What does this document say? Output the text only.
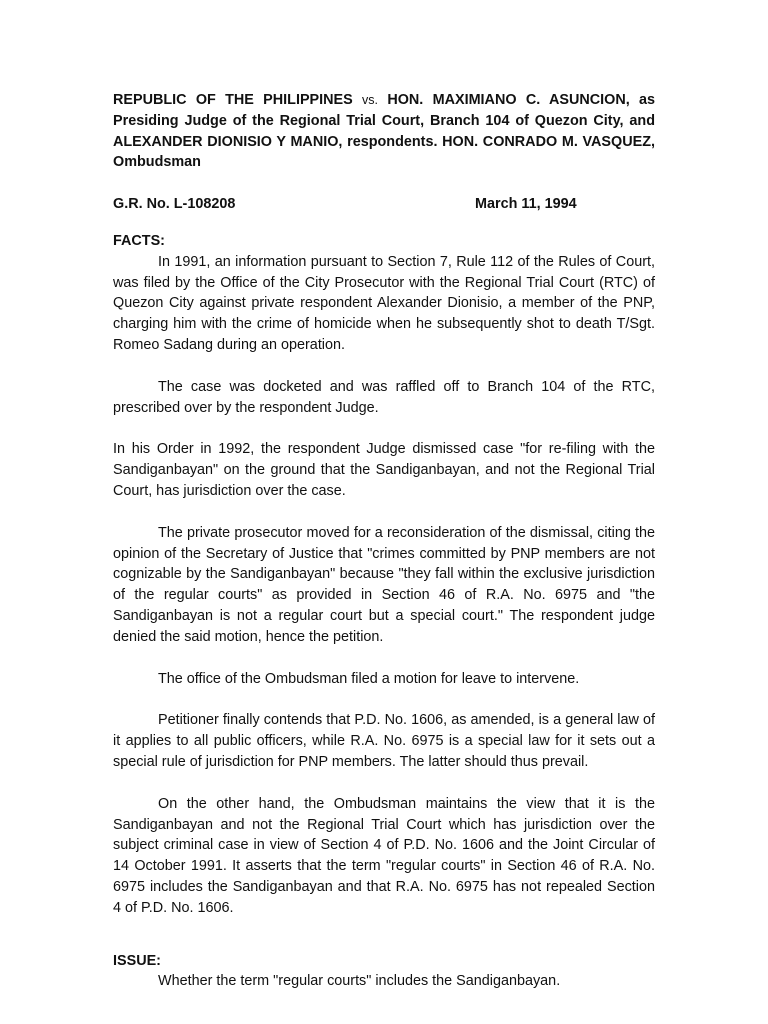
REPUBLIC OF THE PHILIPPINES vs. HON. MAXIMIANO C. ASUNCION, as Presiding Judge of the Regional Trial Court, Branch 104 of Quezon City, and ALEXANDER DIONISIO Y MANIO, respondents. HON. CONRADO M. VASQUEZ, Ombudsman

G.R. No. L-108208	March 11, 1994

FACTS:

In 1991, an information pursuant to Section 7, Rule 112 of the Rules of Court, was filed by the Office of the City Prosecutor with the Regional Trial Court (RTC) of Quezon City against private respondent Alexander Dionisio, a member of the PNP, charging him with the crime of homicide when he subsequently shot to death T/Sgt. Romeo Sadang during an operation.

The case was docketed and was raffled off to Branch 104 of the RTC, prescribed over by the respondent Judge.

In his Order in 1992, the respondent Judge dismissed case "for re-filing with the Sandiganbayan" on the ground that the Sandiganbayan, and not the Regional Trial Court, has jurisdiction over the case.

The private prosecutor moved for a reconsideration of the dismissal, citing the opinion of the Secretary of Justice that "crimes committed by PNP members are not cognizable by the Sandiganbayan" because "they fall within the exclusive jurisdiction of the regular courts" as provided in Section 46 of R.A. No. 6975 and "the Sandiganbayan is not a regular court but a special court." The respondent judge denied the said motion, hence the petition.

The office of the Ombudsman filed a motion for leave to intervene.

Petitioner finally contends that P.D. No. 1606, as amended, is a general law of it applies to all public officers, while R.A. No. 6975 is a special law for it sets out a special rule of jurisdiction for PNP members. The latter should thus prevail.

On the other hand, the Ombudsman maintains the view that it is the Sandiganbayan and not the Regional Trial Court which has jurisdiction over the subject criminal case in view of Section 4 of P.D. No. 1606 and the Joint Circular of 14 October 1991. It asserts that the term "regular courts" in Section 46 of R.A. No. 6975 includes the Sandiganbayan and that R.A. No. 6975 has not repealed Section 4 of P.D. No. 1606.

ISSUE:

Whether the term "regular courts" includes the Sandiganbayan.
